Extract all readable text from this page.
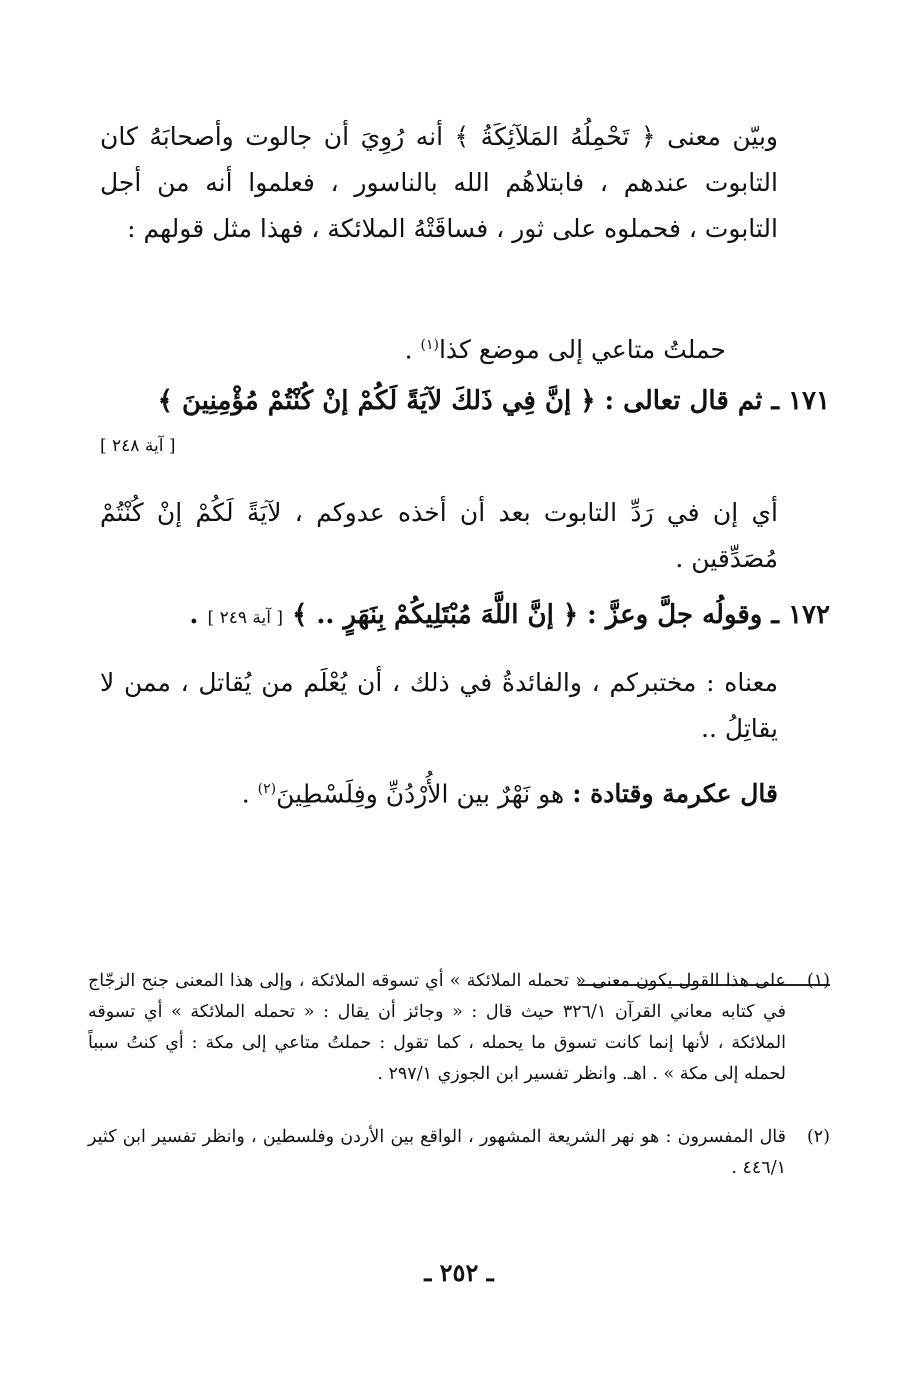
وبيّن معنى ﴿ تَحْمِلُهُ المَلآئِكَةُ ﴾ أنه رُوِيَ أن جالوت وأصحابَهُ كان التابوت عندهم ، فابتلاهُم الله بالناسور ، فعلموا أنه من أجل التابوت ، فحملوه على ثور ، فساقَتْهُ الملائكة ، فهذا مثل قولهم :
حملتُ متاعي إلى موضع كذا$^{(١)}$ .
١٧١ ـ ثم قال تعالى : ﴿ إنَّ فِي ذَلكَ لآيَةً لَكُمْ إنْ كُنْتُمْ مُؤْمِنِينَ ﴾
[ آية ٢٤٨ ]
أي إن في رَدِّ التابوت بعد أن أخذه عدوكم ، لآيَةً لَكُمْ إنْ كُنْتُمْ مُصَدِّقين .
١٧٢ ـ وقولُه جلَّ وعزَّ : ﴿ إنَّ اللَّهَ مُبْتَلِيكُمْ بِنَهَرٍ .. ﴾ [ آية ٢٤٩ ] .
معناه : مختبركم ، والفائدةُ في ذلك ، أن يُعْلَم من يُقاتل ، ممن لا يقاتِلُ ..
قال عكرمة وقتادة : هو نَهْرٌ بين الأُرْدُنِّ وفِلَسْطِينَ$^{(٢)}$ .
(١)
على هذا القول يكون معنى « تحمله الملائكة » أي تسوقه الملائكة ، وإلى هذا المعنى جنح الزجّاج في كتابه معاني القرآن ٣٢٦/١ حيث قال : « وجائز أن يقال : « تحمله الملائكة » أي تسوقه الملائكة ، لأنها إنما كانت تسوق ما يحمله ، كما تقول : حملتُ متاعي إلى مكة : أي كنتُ سبباً لحمله إلى مكة » . اهـ. وانظر تفسير ابن الجوزي ٢٩٧/١ .
(٢)
قال المفسرون : هو نهر الشريعة المشهور ، الواقع بين الأردن وفلسطين ، وانظر تفسير ابن كثير ٤٤٦/١ .
ـ ٢٥٢ ـ
